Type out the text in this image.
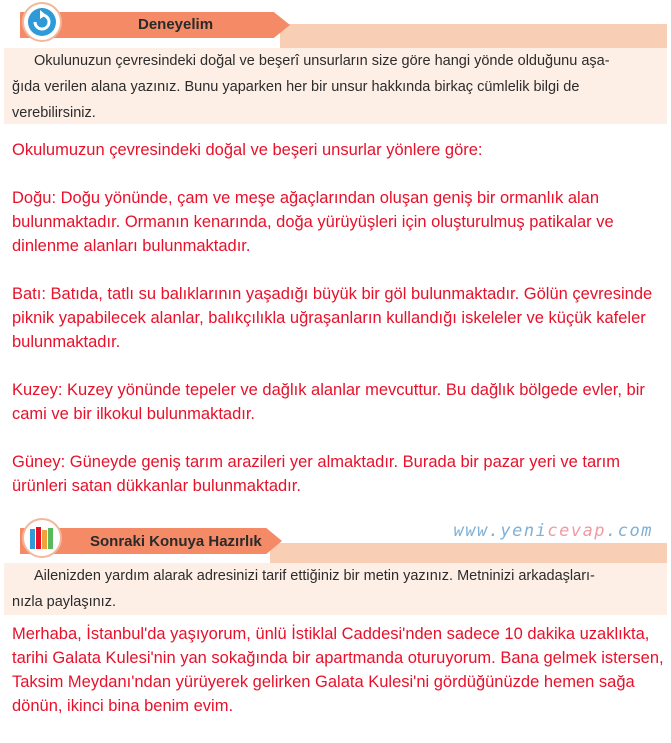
Deneyelim
Okulunuzun çevresindeki doğal ve beşerî unsurların size göre hangi yönde olduğunu aşa-
ğıda verilen alana yazınız. Bunu yaparken her bir unsur hakkında birkaç cümlelik bilgi de
verebilirsiniz.

Okulumuzun çevresindeki doğal ve beşeri unsurlar yönlere göre:

Doğu: Doğu yönünde, çam ve meşe ağaçlarından oluşan geniş bir ormanlık alan bulunmaktadır. Ormanın kenarında, doğa yürüyüşleri için oluşturulmuş patikalar ve dinlenme alanları bulunmaktadır.

Batı: Batıda, tatlı su balıklarının yaşadığı büyük bir göl bulunmaktadır. Gölün çevresinde piknik yapabilecek alanlar, balıkçılıkla uğraşanların kullandığı iskeleler ve küçük kafeler bulunmaktadır.

Kuzey: Kuzey yönünde tepeler ve dağlık alanlar mevcuttur. Bu dağlık bölgede evler, bir cami ve bir ilkokul bulunmaktadır.

Güney: Güneyde geniş tarım arazileri yer almaktadır. Burada bir pazar yeri ve tarım ürünleri satan dükkanlar bulunmaktadır.

Sonraki Konuya Hazırlık
www.yenicevap.com
Ailenizden yardım alarak adresinizi tarif ettiğiniz bir metin yazınız. Metninizi arkadaşları-
nızla paylaşınız.

Merhaba, İstanbul'da yaşıyorum, ünlü İstiklal Caddesi'nden sadece 10 dakika uzaklıkta, tarihi Galata Kulesi'nin yan sokağında bir apartmanda oturuyorum. Bana gelmek istersen, Taksim Meydanı'ndan yürüyerek gelirken Galata Kulesi'ni gördüğünüzde hemen sağa dönün, ikinci bina benim evim.
